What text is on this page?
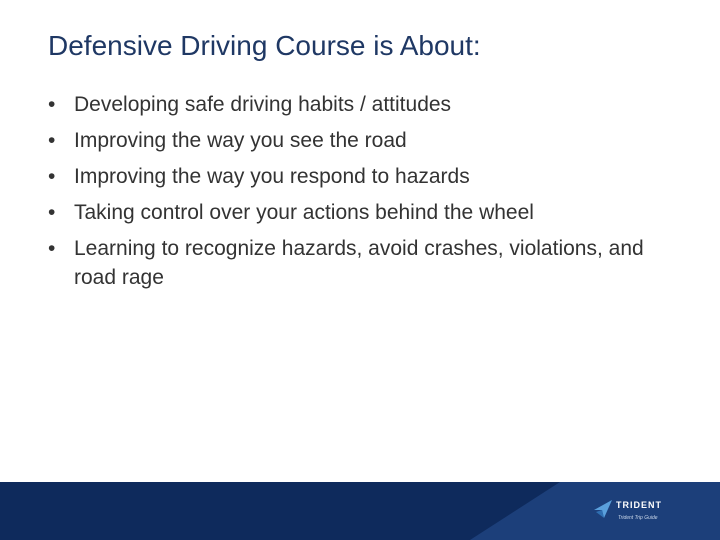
Defensive Driving Course is About:
• Developing safe driving habits / attitudes
• Improving the way you see the road
• Improving the way you respond to hazards
• Taking control over your actions behind the wheel
• Learning to recognize hazards, avoid crashes, violations, and road rage
TRIDENT
Trident Trip Guide
